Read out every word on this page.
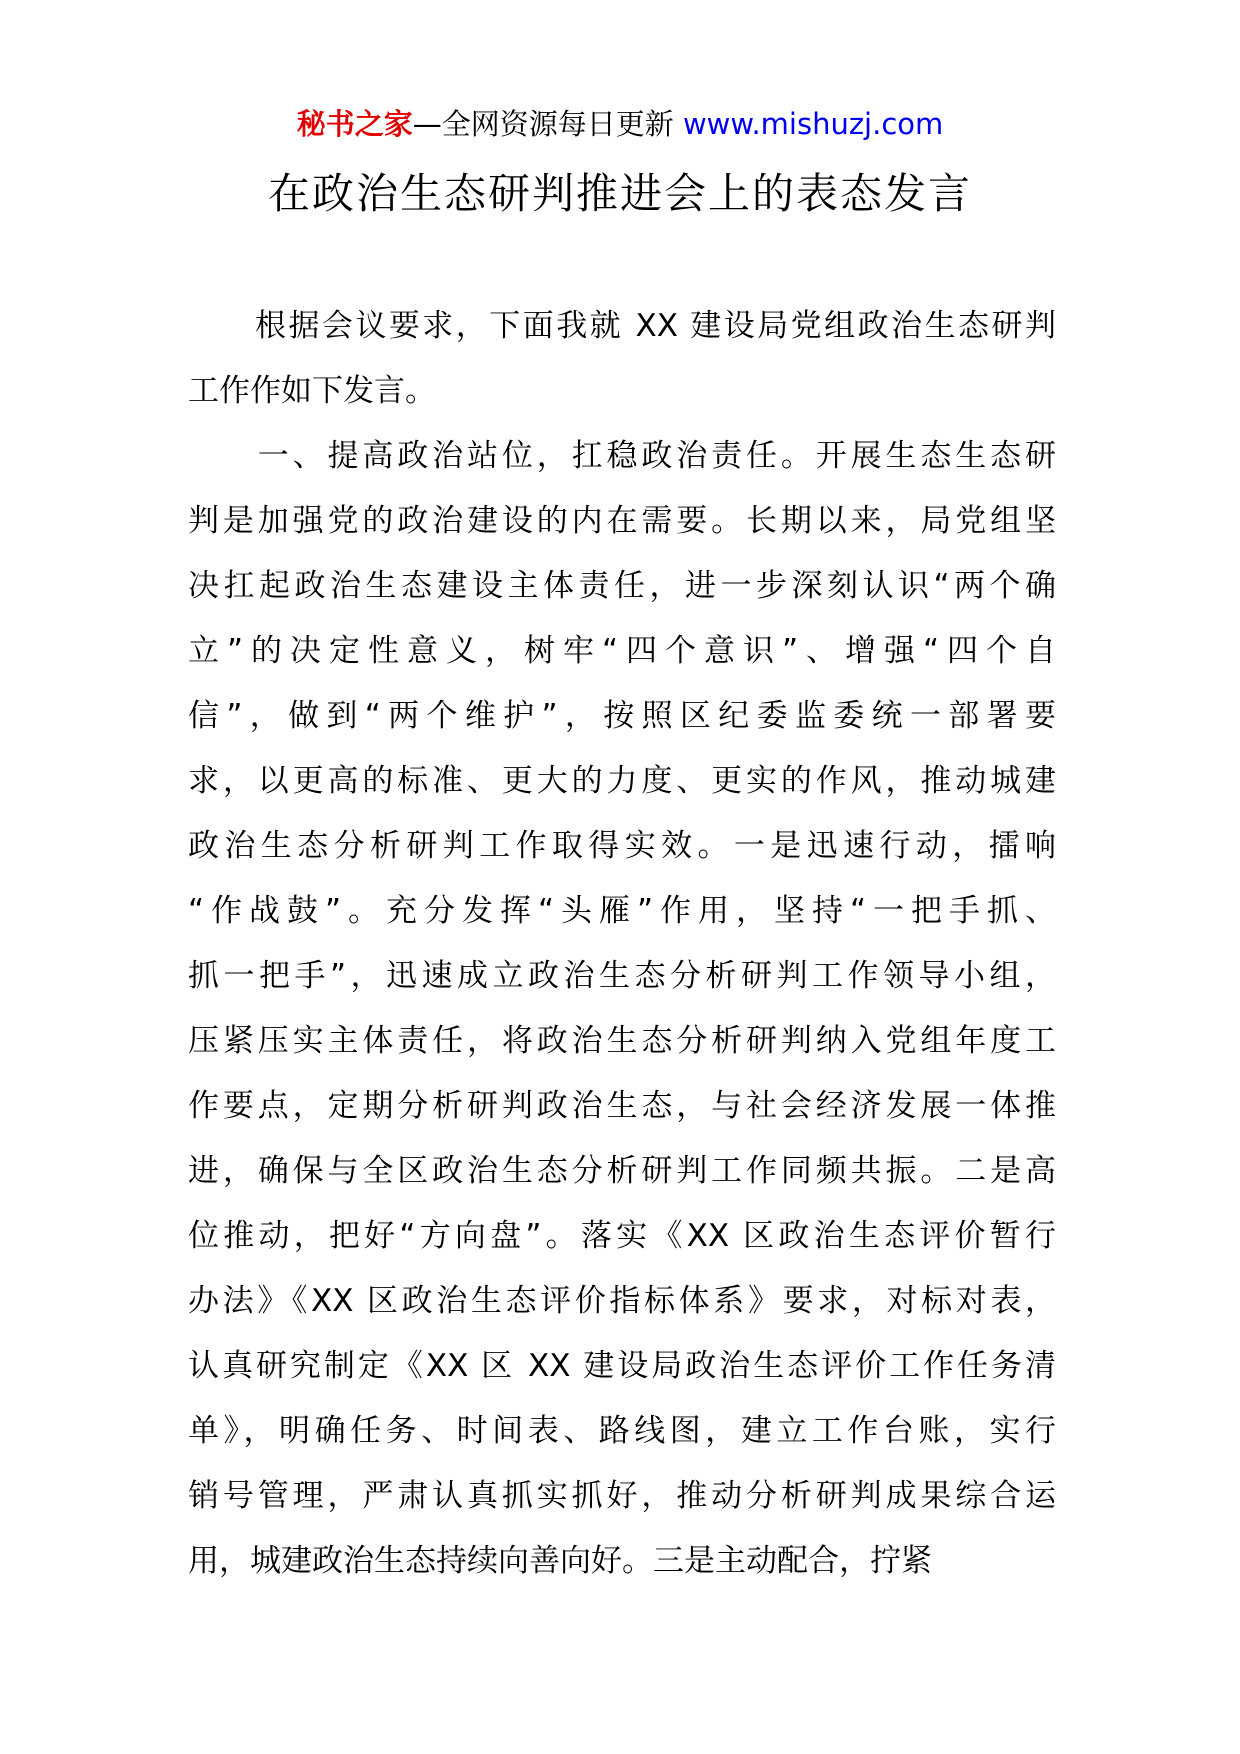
秘书之家—全网资源每日更新 www.mishuzj.com
在政治生态研判推进会上的表态发言
　　根据会议要求，下面我就 XX 建设局党组政治生态研判
工作作如下发言。
　　一、提高政治站位，扛稳政治责任。开展生态生态研
判是加强党的政治建设的内在需要。长期以来，局党组坚
决扛起政治生态建设主体责任，进一步深刻认识“两个确
立”的决定性意义，树牢“四个意识”、增强“四个自
信”，做到“两个维护”，按照区纪委监委统一部署要
求，以更高的标准、更大的力度、更实的作风，推动城建
政治生态分析研判工作取得实效。一是迅速行动，擂响
“作战鼓”。充分发挥“头雁”作用，坚持“一把手抓、
抓一把手”，迅速成立政治生态分析研判工作领导小组，
压紧压实主体责任，将政治生态分析研判纳入党组年度工
作要点，定期分析研判政治生态，与社会经济发展一体推
进，确保与全区政治生态分析研判工作同频共振。二是高
位推动，把好“方向盘”。落实《XX 区政治生态评价暂行
办法》《XX 区政治生态评价指标体系》要求，对标对表，
认真研究制定《XX 区 XX 建设局政治生态评价工作任务清
单》，明确任务、时间表、路线图，建立工作台账，实行
销号管理，严肃认真抓实抓好，推动分析研判成果综合运
用，城建政治生态持续向善向好。三是主动配合，拧紧
